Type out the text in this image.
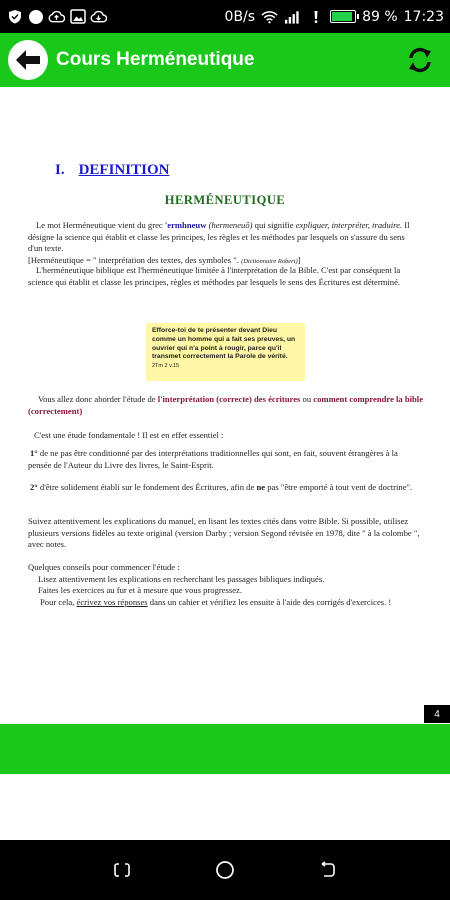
0B/s	89 % 17:23
Cours Herméneutique
I. DEFINITION
HERMÉNEUTIQUE
Le mot Herméneutique vient du grec 'ermhneuw (hermeneuô) qui signifie expliquer, interpréter, traduire. Il désigne la science qui établit et classe les principes, les règles et les méthodes par lesquels on s'assure du sens d'un texte.
[Herméneutique = " interprétation des textes, des symboles ". (Dictionnaire Robert)]
L'herméneutique biblique est l'herméneutique limitée à l'interprétation de la Bible. C'est par conséquent la science qui établit et classe les principes, règles et méthodes par lesquels le sens des Écritures est déterminé.
Efforce-toi de te présenter devant Dieu comme un homme qui a fait ses preuves, un ouvrier qui n'a point à rougir, parce qu'il transmet correctement la Parole de vérité.
2Tm 2 v.15
Vous allez donc aborder l'étude de l'interprétation (correcte) des écritures ou comment comprendre la bible (correctement)
C'est une étude fondamentale ! Il est en effet essentiel :
1° de ne pas être conditionné par des interprétations traditionnelles qui sont, en fait, souvent étrangères à la pensée de l'Auteur du Livre des livres, le Saint-Esprit.
2° d'être solidement établi sur le fondement des Écritures, afin de ne pas "être emporté à tout vent de doctrine".
Suivez attentivement les explications du manuel, en lisant les textes cités dans votre Bible. Si possible, utilisez plusieurs versions fidèles au texte original (version Darby ; version Segond révisée en 1978, dite " à la colombe ", avec notes.
Quelques conseils pour commencer l'étude :
Lisez attentivement les explications en recherchant les passages bibliques indiqués.
Faites les exercices au fur et à mesure que vous progressez.
Pour cela, écrivez vos réponses dans un cahier et vérifiez les ensuite à l'aide des corrigés d'exercices. !
4
